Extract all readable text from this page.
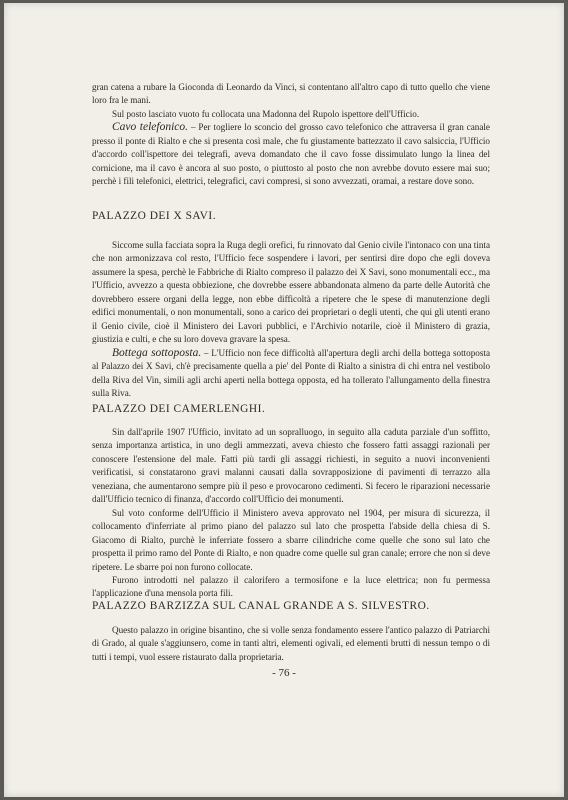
gran catena a rubare la Gioconda di Leonardo da Vinci, si contentano all'altro capo di tutto quello che viene loro fra le mani.

Sul posto lasciato vuoto fu collocata una Madonna del Rupolo ispettore dell'Ufficio.

Cavo telefonico. – Per togliere lo sconcio del grosso cavo telefonico che attraversa il gran canale presso il ponte di Rialto e che si presenta così male, che fu giustamente battezzato il cavo salsiccia, l'Ufficio d'accordo coll'ispettore dei telegrafi, aveva domandato che il cavo fosse dissimulato lungo la linea del cornicione, ma il cavo è ancora al suo posto, o piuttosto al posto che non avrebbe dovuto essere mai suo; perchè i fili telefonici, elettrici, telegrafici, cavi compresi, si sono avvezzati, oramai, a restare dove sono.

PALAZZO DEI X SAVI.

Siccome sulla facciata sopra la Ruga degli orefici, fu rinnovato dal Genio civile l'intonaco con una tinta che non armonizzava col resto, l'Ufficio fece sospendere i lavori, per sentirsi dire dopo che egli doveva assumere la spesa, perchè le Fabbriche di Rialto compreso il palazzo dei X Savi, sono monumentali ecc., ma l'Ufficio, avvezzo a questa obbiezione, che dovrebbe essere abbandonata almeno da parte delle Autorità che dovrebbero essere organi della legge, non ebbe difficoltà a ripetere che le spese di manutenzione degli edifici monumentali, o non monumentali, sono a carico dei proprietari o degli utenti, che qui gli utenti erano il Genio civile, cioè il Ministero dei Lavori pubblici, e l'Archivio notarile, cioè il Ministero di grazia, giustizia e culti, e che su loro doveva gravare la spesa.

Bottega sottoposta. – L'Ufficio non fece difficoltà all'apertura degli archi della bottega sottoposta al Palazzo dei X Savi, ch'è precisamente quella a pie' del Ponte di Rialto a sinistra di chi entra nel vestibolo della Riva del Vin, simili agli archi aperti nella bottega opposta, ed ha tollerato l'allungamento della finestra sulla Riva.

PALAZZO DEI CAMERLENGHI.

Sin dall'aprile 1907 l'Ufficio, invitato ad un sopralluogo, in seguito alla caduta parziale d'un soffitto, senza importanza artistica, in uno degli ammezzati, aveva chiesto che fossero fatti assaggi razionali per conoscere l'estensione del male. Fatti più tardi gli assaggi richiesti, in seguito a nuovi inconvenienti verificatisi, si constatarono gravi malanni causati dalla sovrapposizione di pavimenti di terrazzo alla veneziana, che aumentarono sempre più il peso e provocarono cedimenti. Si fecero le riparazioni necessarie dall'Ufficio tecnico di finanza, d'accordo coll'Ufficio dei monumenti.

Sul voto conforme dell'Ufficio il Ministero aveva approvato nel 1904, per misura di sicurezza, il collocamento d'inferriate al primo piano del palazzo sul lato che prospetta l'abside della chiesa di S. Giacomo di Rialto, purchè le inferriate fossero a sbarre cilindriche come quelle che sono sul lato che prospetta il primo ramo del Ponte di Rialto, e non quadre come quelle sul gran canale; errore che non si deve ripetere. Le sbarre poi non furono collocate.

Furono introdotti nel palazzo il calorifero a termosifone e la luce elettrica; non fu permessa l'applicazione d'una mensola porta fili.

PALAZZO BARZIZZA SUL CANAL GRANDE A S. SILVESTRO.

Questo palazzo in origine bisantino, che si volle senza fondamento essere l'antico palazzo di Patriarchi di Grado, al quale s'aggiunsero, come in tanti altri, elementi ogivali, ed elementi brutti di nessun tempo o di tutti i tempi, vuol essere ristaurato dalla proprietaria.

- 76 -
